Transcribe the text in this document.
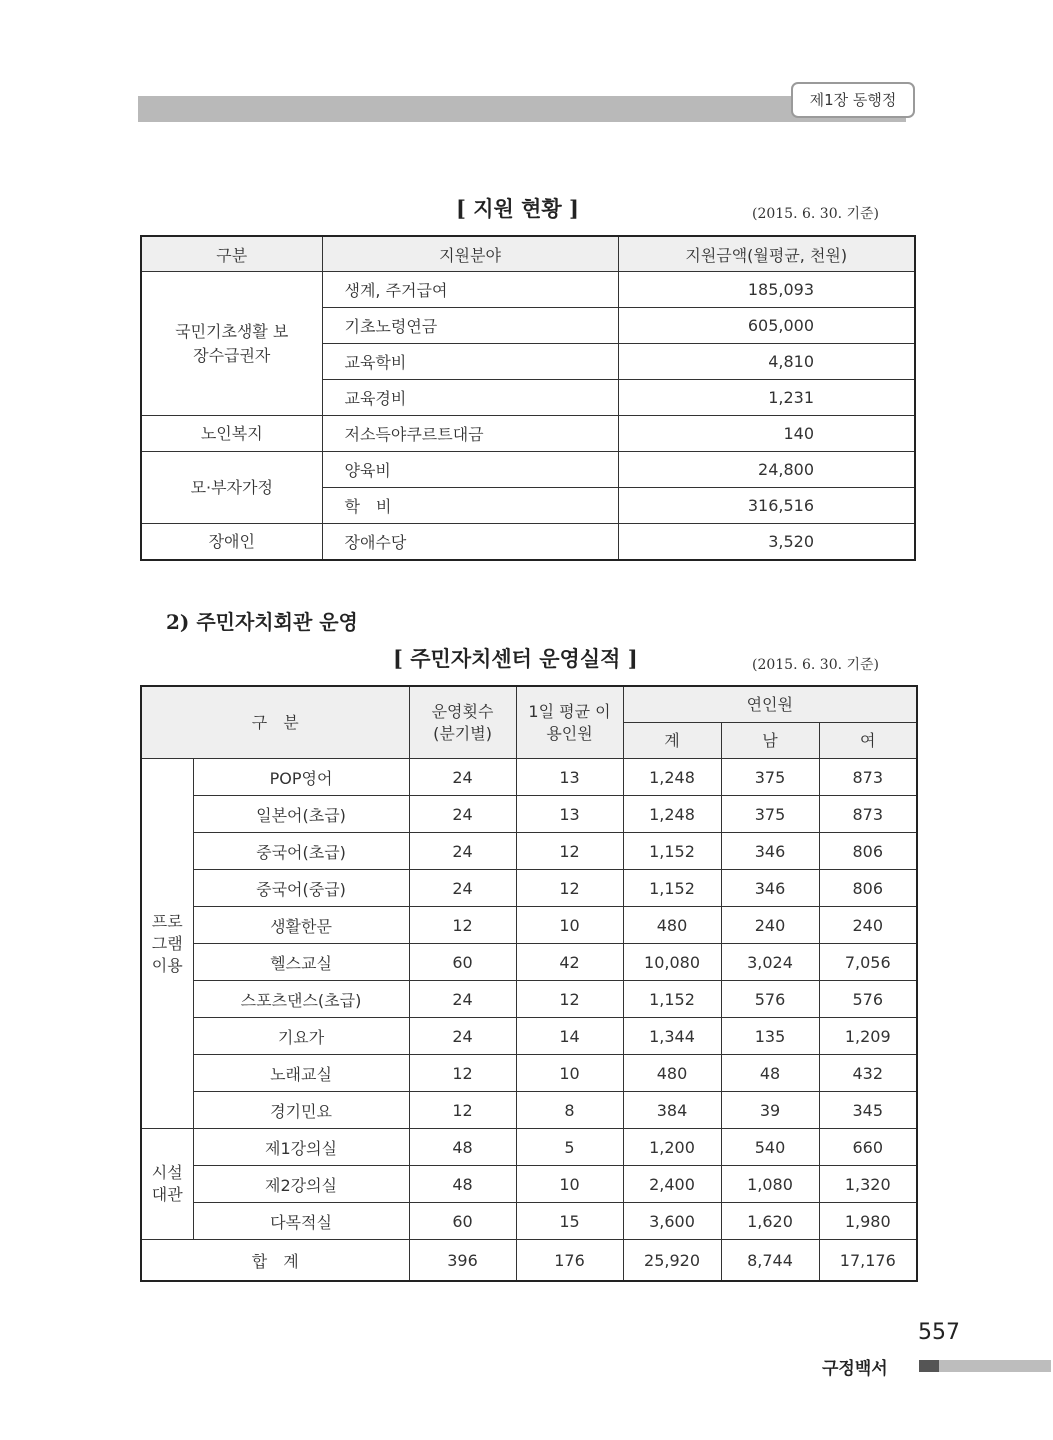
제1장 동행정
[ 지원 현황 ]	(2015. 6. 30. 기준)
구분	지원분야	지원금액(월평균, 천원)
국민기초생활 보장수급권자	생계, 주거급여	185,093
	기초노령연금	605,000
	교육학비	4,810
	교육경비	1,231
노인복지	저소득야쿠르트대금	140
모·부자가정	양육비	24,800
	학　비	316,516
장애인	장애수당	3,520
2) 주민자치회관 운영
[ 주민자치센터 운영실적 ]	(2015. 6. 30. 기준)
구　분		운영횟수 (분기별)	1일 평균 이용인원	연인원		
				계	남	여
프로 그램 이용	POP영어	24	13	1,248	375	873
	일본어(초급)	24	13	1,248	375	873
	중국어(초급)	24	12	1,152	346	806
	중국어(중급)	24	12	1,152	346	806
	생활한문	12	10	480	240	240
	헬스교실	60	42	10,080	3,024	7,056
	스포츠댄스(초급)	24	12	1,152	576	576
	기요가	24	14	1,344	135	1,209
	노래교실	12	10	480	48	432
	경기민요	12	8	384	39	345
시설 대관	제1강의실	48	5	1,200	540	660
	제2강의실	48	10	2,400	1,080	1,320
	다목적실	60	15	3,600	1,620	1,980
합　계		396	176	25,920	8,744	17,176
557
구정백서
